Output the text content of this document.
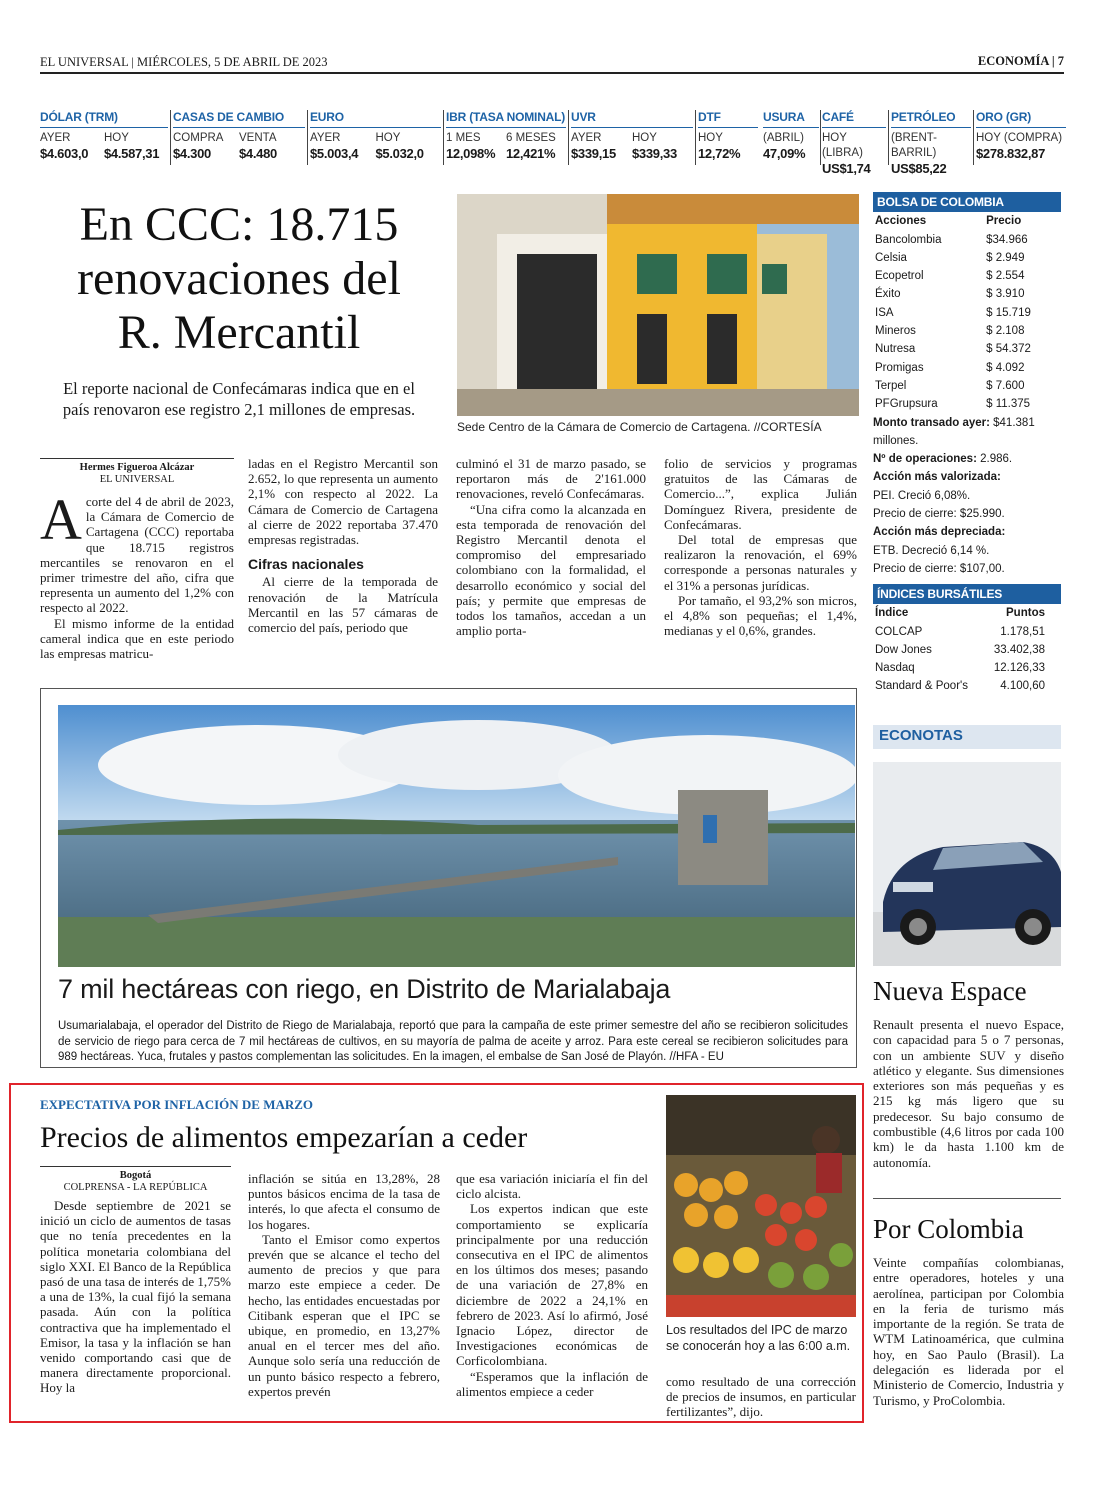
EL UNIVERSAL | MIÉRCOLES, 5 DE ABRIL DE 2023	ECONOMÍA | 7
DÓLAR (TRM)
AYER	HOY
$4.603,0	$4.587,31
CASAS DE CAMBIO
COMPRA	VENTA
$4.300	$4.480
EURO
AYER	HOY
$5.003,4	$5.032,0
IBR (TASA NOMINAL)
1 MES	6 MESES
12,098% 12,421%
UVR
AYER	HOY
$339,15	$339,33
DTF
HOY
12,72%
USURA
(ABRIL)
47,09%
CAFÉ
HOY (LIBRA)
US$1,74
PETRÓLEO
(BRENT-BARRIL)
US$85,22
ORO (GR)
HOY (COMPRA)
$278.832,87
En CCC: 18.715 renovaciones del R. Mercantil
El reporte nacional de Confecámaras indica que en el país renovaron ese registro 2,1 millones de empresas.
Sede Centro de la Cámara de Comercio de Cartagena. //CORTESÍA
Hermes Figueroa Alcázar
EL UNIVERSAL
A corte del 4 de abril de 2023, la Cámara de Comercio de Cartagena (CCC) reportaba que 18.715 registros mercantiles se renovaron en el primer trimestre del año, cifra que representa un aumento del 1,2% con respecto al 2022.

El mismo informe de la entidad cameral indica que en este periodo las empresas matricu-

ladas en el Registro Mercantil son 2.652, lo que representa un aumento 2,1% con respecto al 2022. La Cámara de Comercio de Cartagena al cierre de 2022 reportaba 37.470 empresas registradas.

Cifras nacionales

Al cierre de la temporada de renovación de la Matrícula Mercantil en las 57 cámaras de comercio del país, periodo que

culminó el 31 de marzo pasado, se reportaron más de 2'161.000 renovaciones, reveló Confecámaras.

“Una cifra como la alcanzada en esta temporada de renovación del Registro Mercantil denota el compromiso del empresariado colombiano con la formalidad, el desarrollo económico y social del país; y permite que empresas de todos los tamaños, accedan a un amplio porta-

folio de servicios y programas gratuitos de las Cámaras de Comercio...”, explica Julián Domínguez Rivera, presidente de Confecámaras.

Del total de empresas que realizaron la renovación, el 69% corresponde a personas naturales y el 31% a personas jurídicas.

Por tamaño, el 93,2% son micros, el 4,8% son pequeñas; el 1,4%, medianas y el 0,6%, grandes.

7 mil hectáreas con riego, en Distrito de Marialabaja
Usumarialabaja, el operador del Distrito de Riego de Marialabaja, reportó que para la campaña de este primer semestre del año se recibieron solicitudes de servicio de riego para cerca de 7 mil hectáreas de cultivos, en su mayoría de palma de aceite y arroz. Para este cereal se recibieron solicitudes para 989 hectáreas. Yuca, frutales y pastos complementan las solicitudes. En la imagen, el embalse de San José de Playón. //HFA - EU
EXPECTATIVA POR INFLACIÓN DE MARZO
Precios de alimentos empezarían a ceder
Bogotá
COLPRENSA - LA REPÚBLICA

Desde septiembre de 2021 se inició un ciclo de aumentos de tasas que no tenía precedentes en la política monetaria colombiana del siglo XXI. El Banco de la República pasó de una tasa de interés de 1,75% a una de 13%, la cual fijó la semana pasada. Aún con la política contractiva que ha implementado el Emisor, la tasa y la inflación se han venido comportando casi que de manera directamente proporcional. Hoy la

inflación se sitúa en 13,28%, 28 puntos básicos encima de la tasa de interés, lo que afecta el consumo de los hogares.

Tanto el Emisor como expertos prevén que se alcance el techo del aumento de precios y que para marzo este empiece a ceder. De hecho, las entidades encuestadas por Citibank esperan que el IPC se ubique, en promedio, en 13,27% anual en el tercer mes del año. Aunque solo sería una reducción de un punto básico respecto a febrero, expertos prevén

que esa variación iniciaría el fin del ciclo alcista.

Los expertos indican que este comportamiento se explicaría principalmente por una reducción consecutiva en el IPC de alimentos en los últimos dos meses; pasando de una variación de 27,8% en diciembre de 2022 a 24,1% en febrero de 2023. Así lo afirmó, José Ignacio López, director de Investigaciones económicas de Corficolombiana.

“Esperamos que la inflación de alimentos empiece a ceder

Los resultados del IPC de marzo se conocerán hoy a las 6:00 a.m.

como resultado de una corrección de precios de insumos, en particular fertilizantes”, dijo.

BOLSA DE COLOMBIA
Acciones	Precio
Bancolombia	$34.966
Celsia	$ 2.949
Ecopetrol	$ 2.554
Éxito	$ 3.910
ISA	$ 15.719
Mineros	$ 2.108
Nutresa	$ 54.372
Promigas	$ 4.092
Terpel	$ 7.600
PFGrupsura	$ 11.375
Monto transado ayer: $41.381 millones.
Nº de operaciones: 2.986.
Acción más valorizada:
PEI. Creció 6,08%.
Precio de cierre: $25.990.
Acción más depreciada:
ETB. Decreció 6,14 %.
Precio de cierre: $107,00.
ÍNDICES BURSÁTILES
Índice	Puntos
COLCAP	1.178,51
Dow Jones	33.402,38
Nasdaq	12.126,33
Standard & Poor's	4.100,60
ECONOTAS
Nueva Espace
Renault presenta el nuevo Espace, con capacidad para 5 o 7 personas, con un ambiente SUV y diseño atlético y elegante. Sus dimensiones exteriores son más pequeñas y es 215 kg más ligero que su predecesor. Su bajo consumo de combustible (4,6 litros por cada 100 km) le da hasta 1.100 km de autonomía.
Por Colombia
Veinte compañías colombianas, entre operadores, hoteles y una aerolínea, participan por Colombia en la feria de turismo más importante de la región. Se trata de WTM Latinoamérica, que culmina hoy, en Sao Paulo (Brasil). La delegación es liderada por el Ministerio de Comercio, Industria y Turismo, y ProColombia.
